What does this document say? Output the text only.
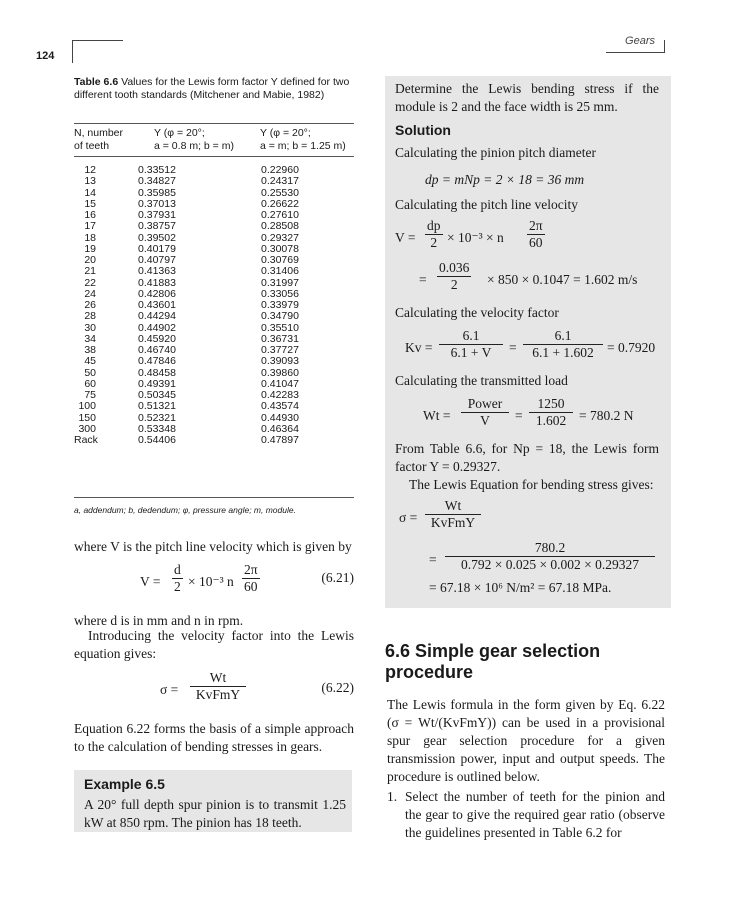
124
Gears
Table 6.6 Values for the Lewis form factor Y defined for two different tooth standards (Mitchener and Mabie, 1982)
N, number
of teeth
Y (φ = 20°;
a = 0.8 m; b = m)
Y (φ = 20°;
a = m; b = 1.25 m)
12	0.33512	0.22960
13	0.34827	0.24317
14	0.35985	0.25530
15	0.37013	0.26622
16	0.37931	0.27610
17	0.38757	0.28508
18	0.39502	0.29327
19	0.40179	0.30078
20	0.40797	0.30769
21	0.41363	0.31406
22	0.41883	0.31997
24	0.42806	0.33056
26	0.43601	0.33979
28	0.44294	0.34790
30	0.44902	0.35510
34	0.45920	0.36731
38	0.46740	0.37727
45	0.47846	0.39093
50	0.48458	0.39860
60	0.49391	0.41047
75	0.50345	0.42283
100	0.51321	0.43574
150	0.52321	0.44930
300	0.53348	0.46364
Rack	0.54406	0.47897
a, addendum; b, dedendum; φ, pressure angle; m, module.
where V is the pitch line velocity which is given by
$V = \frac{d}{2} \times 10^{-3}$ n $\frac{2\pi}{60}$	(6.21)
where d is in mm and n in rpm.
Introducing the velocity factor into the Lewis equation gives:
σ =
Wt
KvFmY	(6.22)
Equation 6.22 forms the basis of a simple approach to the calculation of bending stresses in gears.
Example 6.5
A 20° full depth spur pinion is to transmit 1.25 kW at 850 rpm. The pinion has 18 teeth.
Determine the Lewis bending stress if the module is 2 and the face width is 25 mm.
Solution
Calculating the pinion pitch diameter
dp = mNp = 2 × 18 = 36 mm
Calculating the pitch line velocity
$V = \frac{dp}{2} \times 10^{-3} \times n \frac{2\pi}{60}$
= $\frac{0.036}{2} \times 850 \times 0.1047 = 1.602$ m/s
Calculating the velocity factor
$Kv = \frac{6.1}{6.1 + V} = \frac{6.1}{6.1 + 1.602} = 0.7920$
Calculating the transmitted load
Wt =
Power
V	= $\frac{1250}{1.602} = 780.2$ N
From Table 6.6, for Np = 18, the Lewis form factor Y = 0.29327.
The Lewis Equation for bending stress gives:
σ =
Wt
KvFmY
= $\frac{780.2}{0.792 \times 0.025 \times 0.002 \times 0.29327}$
= 67.18 × 10⁶ N/m² = 67.18 MPa.
6.6 Simple gear selection procedure
The Lewis formula in the form given by Eq. 6.22 (σ = Wt/(KvFmY)) can be used in a provisional spur gear selection procedure for a given transmission power, input and output speeds. The procedure is outlined below.
1. Select the number of teeth for the pinion and the gear to give the required gear ratio (observe the guidelines presented in Table 6.2 for
